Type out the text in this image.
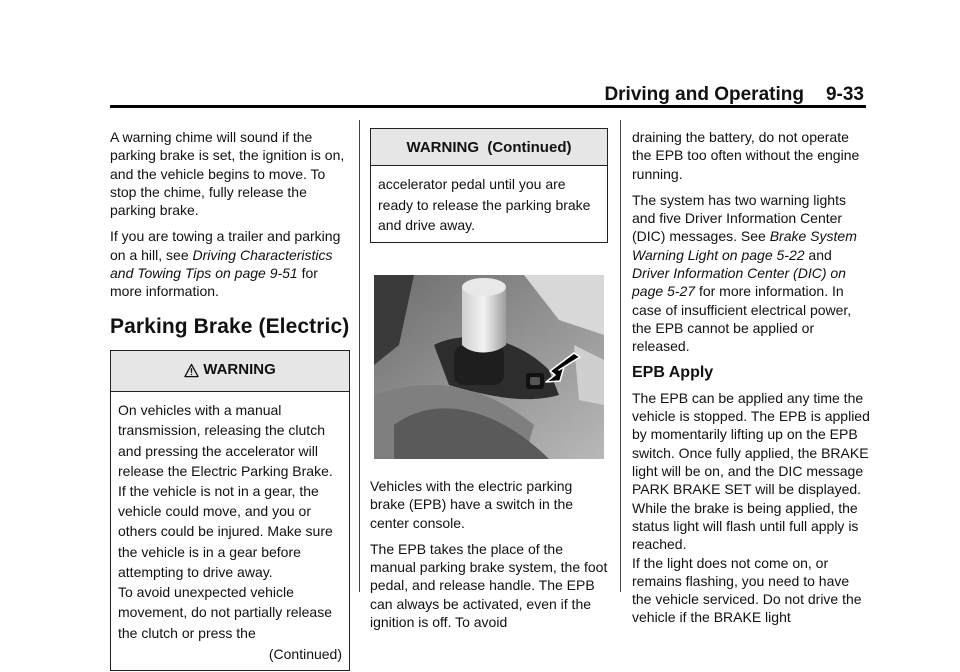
Driving and Operating 9-33

A warning chime will sound if the parking brake is set, the ignition is on, and the vehicle begins to move. To stop the chime, fully release the parking brake.

If you are towing a trailer and parking on a hill, see Driving Characteristics and Towing Tips on page 9-51 for more information.

Parking Brake (Electric)
WARNING
On vehicles with a manual transmission, releasing the clutch and pressing the accelerator will release the Electric Parking Brake. If the vehicle is not in a gear, the vehicle could move, and you or others could be injured. Make sure the vehicle is in a gear before attempting to drive away.
To avoid unexpected vehicle movement, do not partially release the clutch or press the
(Continued)
WARNING  (Continued)
accelerator pedal until you are ready to release the parking brake and drive away.

Vehicles with the electric parking brake (EPB) have a switch in the center console.

The EPB takes the place of the manual parking brake system, the foot pedal, and release handle. The EPB can always be activated, even if the ignition is off. To avoid

draining the battery, do not operate the EPB too often without the engine running.

The system has two warning lights and five Driver Information Center (DIC) messages. See Brake System Warning Light on page 5-22 and Driver Information Center (DIC) on page 5-27 for more information. In case of insufficient electrical power, the EPB cannot be applied or released.

EPB Apply

The EPB can be applied any time the vehicle is stopped. The EPB is applied by momentarily lifting up on the EPB switch. Once fully applied, the BRAKE light will be on, and the DIC message PARK BRAKE SET will be displayed. While the brake is being applied, the status light will flash until full apply is reached.

If the light does not come on, or remains flashing, you need to have the vehicle serviced. Do not drive the vehicle if the BRAKE light
